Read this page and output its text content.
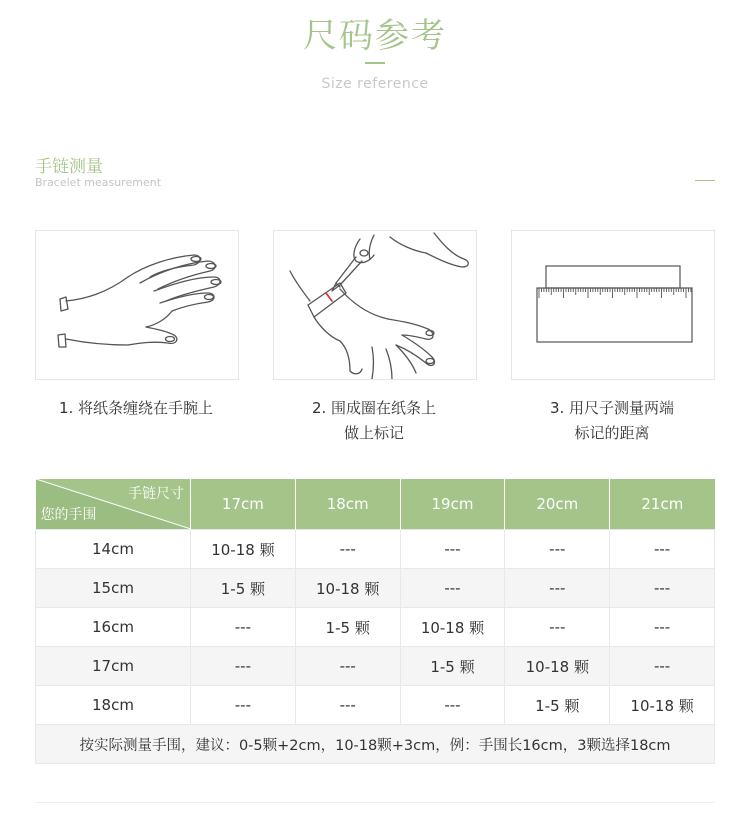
尺码参考
Size reference
手链测量
Bracelet measurement
1. 将纸条缠绕在手腕上	2. 围成圈在纸条上
做上标记
3. 用尺子测量两端
标记的距离
手链尺寸
您的手围	17cm	18cm	19cm	20cm	21cm
14cm	10-18 颗	---	---	---	---
15cm	1-5 颗	10-18 颗	---	---	---
16cm	---	1-5 颗	10-18 颗	---	---
17cm	---	---	1-5 颗	10-18 颗	---
18cm	---	---	---	1-5 颗	10-18 颗
按实际测量手围，建议：0-5颗+2cm，10-18颗+3cm，例：手围长16cm，3颗选择18cm					
